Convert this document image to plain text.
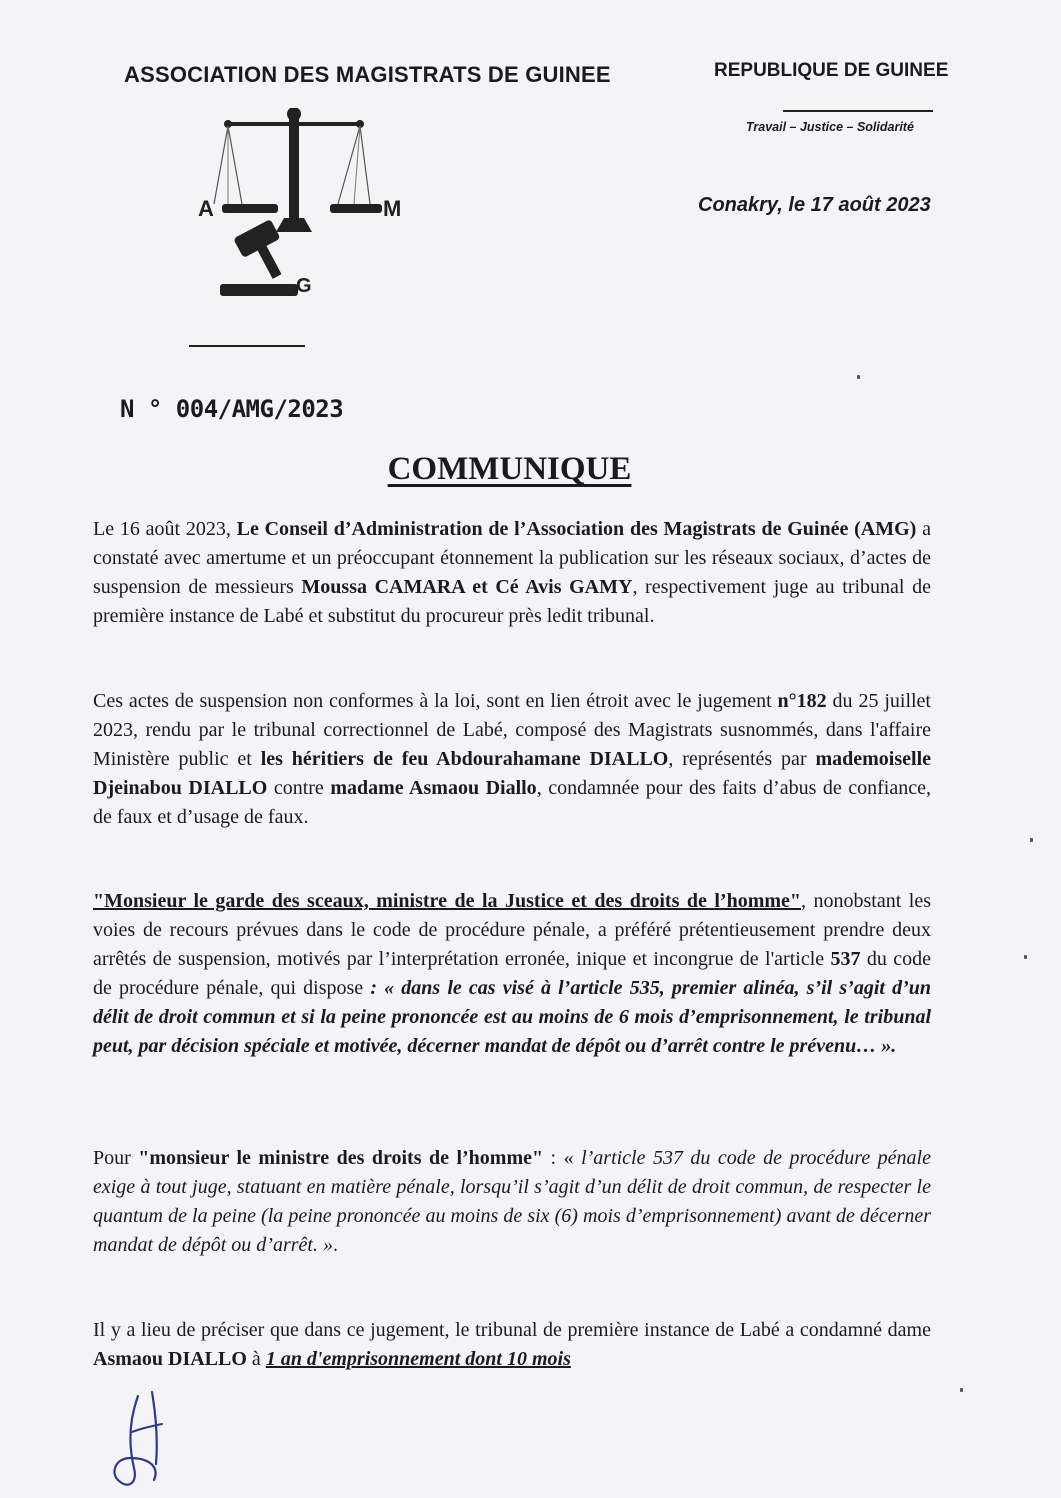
ASSOCIATION DES MAGISTRATS DE GUINEE	REPUBLIQUE DE GUINEE
Travail – Justice – Solidarité
Conakry, le 17 août 2023
A	M
G
N ° 004/AMG/2023
COMMUNIQUE

Le 16 août 2023, Le Conseil d’Administration de l’Association des Magistrats de Guinée (AMG) a constaté avec amertume et un préoccupant étonnement la publication sur les réseaux sociaux, d’actes de suspension de messieurs Moussa CAMARA et Cé Avis GAMY, respectivement juge au tribunal de première instance de Labé et substitut du procureur près ledit tribunal.

Ces actes de suspension non conformes à la loi, sont en lien étroit avec le jugement n°182 du 25 juillet 2023, rendu par le tribunal correctionnel de Labé, composé des Magistrats susnommés, dans l'affaire Ministère public et les héritiers de feu Abdourahamane DIALLO, représentés par mademoiselle Djeinabou DIALLO contre madame Asmaou Diallo, condamnée pour des faits d’abus de confiance, de faux et d’usage de faux.

"Monsieur le garde des sceaux, ministre de la Justice et des droits de l’homme", nonobstant les voies de recours prévues dans le code de procédure pénale, a préféré prétentieusement prendre deux arrêtés de suspension, motivés par l’interprétation erronée, inique et incongrue de l'article 537 du code de procédure pénale, qui dispose : « dans le cas visé à l’article 535, premier alinéa, s’il s’agit d’un délit de droit commun et si la peine prononcée est au moins de 6 mois d’emprisonnement, le tribunal peut, par décision spéciale et motivée, décerner mandat de dépôt ou d’arrêt contre le prévenu… ».

Pour "monsieur le ministre des droits de l’homme" : « l’article 537 du code de procédure pénale exige à tout juge, statuant en matière pénale, lorsqu’il s’agit d’un délit de droit commun, de respecter le quantum de la peine (la peine prononcée au moins de six (6) mois d’emprisonnement) avant de décerner mandat de dépôt ou d’arrêt. ».

Il y a lieu de préciser que dans ce jugement, le tribunal de première instance de Labé a condamné dame Asmaou DIALLO à 1 an d'emprisonnement dont 10 mois
